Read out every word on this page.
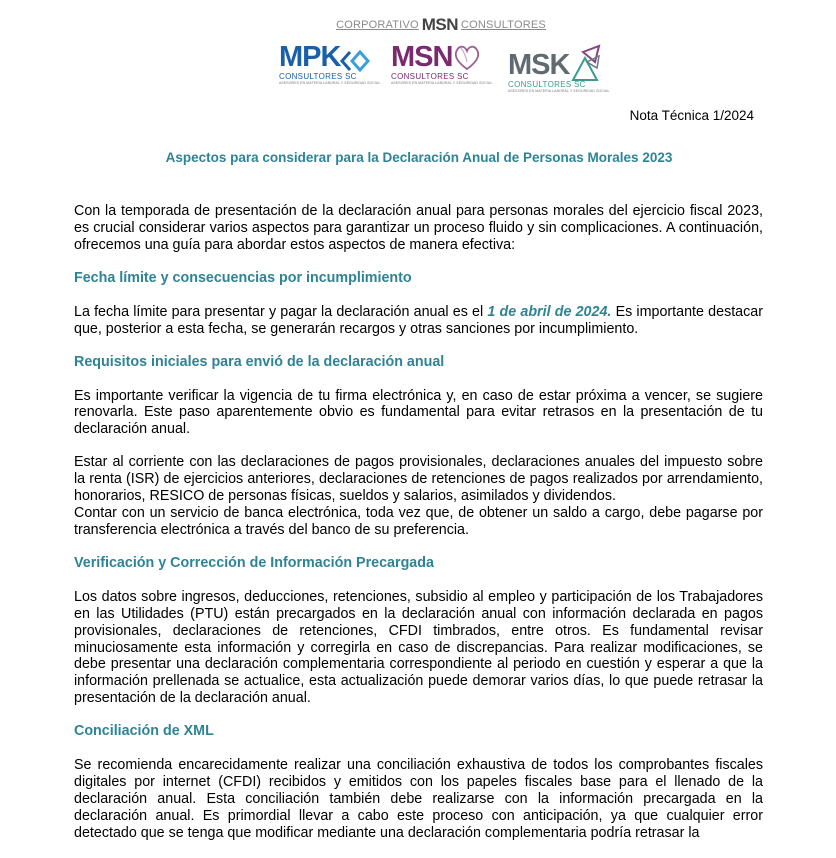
CORPORATIVO MSN CONSULTORES
MPK
CONSULTORES SC
ASESORES EN MATERIA LABORAL Y SEGURIDAD SOCIAL
MSN
CONSULTORES SC
ASESORES EN MATERIA LABORAL Y SEGURIDAD SOCIAL
MSK
CONSULTORES SC
ASESORES EN MATERIA LABORAL Y SEGURIDAD SOCIAL
Nota Técnica 1/2024
Aspectos para considerar para la Declaración Anual de Personas Morales 2023

Con la temporada de presentación de la declaración anual para personas morales del ejercicio fiscal 2023, es crucial considerar varios aspectos para garantizar un proceso fluido y sin complicaciones. A continuación, ofrecemos una guía para abordar estos aspectos de manera efectiva:

Fecha límite y consecuencias por incumplimiento

La fecha límite para presentar y pagar la declaración anual es el 1 de abril de 2024. Es importante destacar que, posterior a esta fecha, se generarán recargos y otras sanciones por incumplimiento.

Requisitos iniciales para envió de la declaración anual

Es importante verificar la vigencia de tu firma electrónica y, en caso de estar próxima a vencer, se sugiere renovarla. Este paso aparentemente obvio es fundamental para evitar retrasos en la presentación de tu declaración anual.

Estar al corriente con las declaraciones de pagos provisionales, declaraciones anuales del impuesto sobre la renta (ISR) de ejercicios anteriores, declaraciones de retenciones de pagos realizados por arrendamiento, honorarios, RESICO de personas físicas, sueldos y salarios, asimilados y dividendos.

Contar con un servicio de banca electrónica, toda vez que, de obtener un saldo a cargo, debe pagarse por transferencia electrónica a través del banco de su preferencia.

Verificación y Corrección de Información Precargada

Los datos sobre ingresos, deducciones, retenciones, subsidio al empleo y participación de los Trabajadores en las Utilidades (PTU) están precargados en la declaración anual con información declarada en pagos provisionales, declaraciones de retenciones, CFDI timbrados, entre otros. Es fundamental revisar minuciosamente esta información y corregirla en caso de discrepancias. Para realizar modificaciones, se debe presentar una declaración complementaria correspondiente al periodo en cuestión y esperar a que la información prellenada se actualice, esta actualización puede demorar varios días, lo que puede retrasar la presentación de la declaración anual.

Conciliación de XML

Se recomienda encarecidamente realizar una conciliación exhaustiva de todos los comprobantes fiscales digitales por internet (CFDI) recibidos y emitidos con los papeles fiscales base para el llenado de la declaración anual. Esta conciliación también debe realizarse con la información precargada en la declaración anual. Es primordial llevar a cabo este proceso con anticipación, ya que cualquier error detectado que se tenga que modificar mediante una declaración complementaria podría retrasar la
